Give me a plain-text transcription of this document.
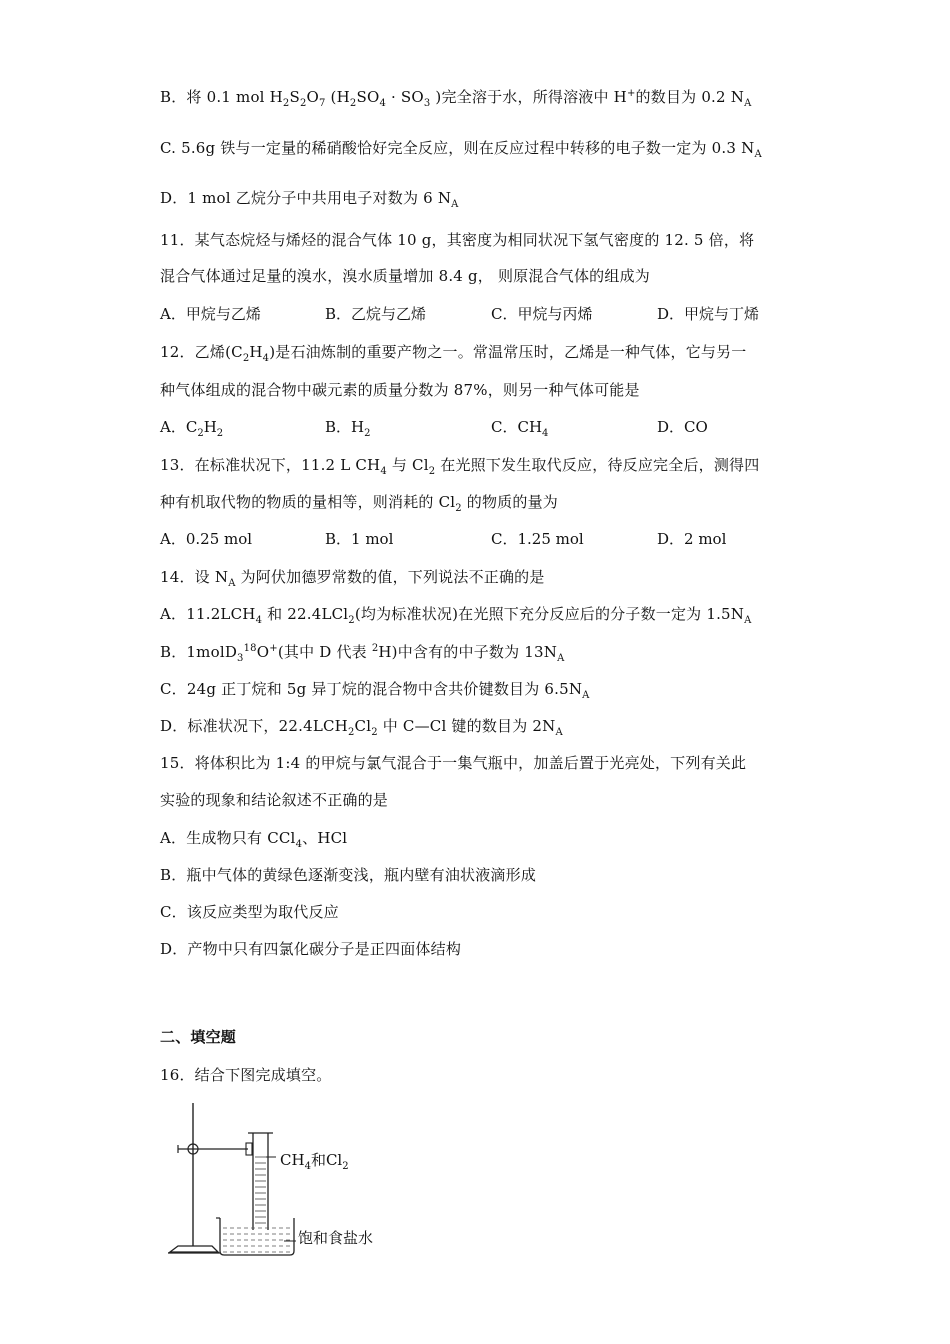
B．将 0.1 mol $H_2S_2O_7$ ($H_2SO_4 \cdot SO_3$ )完全溶于水，所得溶液中 H+的数目为 0.2 $N_A$
C. 5.6g 铁与一定量的稀硝酸恰好完全反应，则在反应过程中转移的电子数一定为 0.3 $N_A$
D．1 mol 乙烷分子中共用电子对数为 6 $N_A$
11．某气态烷烃与烯烃的混合气体 10 g，其密度为相同状况下氢气密度的 12. 5 倍，将
混合气体通过足量的溴水，溴水质量增加 8.4 g， 则原混合气体的组成为
A．甲烷与乙烯	B．乙烷与乙烯	C．甲烷与丙烯	D．甲烷与丁烯
12．乙烯$(C_2H_4)$是石油炼制的重要产物之一。常温常压时，乙烯是一种气体，它与另一
种气体组成的混合物中碳元素的质量分数为 87%，则另一种气体可能是
A．$C_2H_2$	B．$H_2$	C．$CH_4$	D．CO
13．在标准状况下，11.2 L $CH_4$ 与 $Cl_2$ 在光照下发生取代反应，待反应完全后，测得四
种有机取代物的物质的量相等，则消耗的 $Cl_2$ 的物质的量为
A．0.25 mol	B．1 mol	C．1.25 mol	D．2 mol
14．设 $N_A$ 为阿伏加德罗常数的值，下列说法不正确的是
A．$11.2LCH_4$ 和 22.4LCl$_2$(均为标准状况)在光照下充分反应后的分子数一定为 $1.5N_A$
B．1molD$_3^{18}$O+(其中 D 代表 $^2$H)中含有的中子数为 $13N_A$
C．24g 正丁烷和 5g 异丁烷的混合物中含共价键数目为 $6.5N_A$
D．标准状况下，$22.4LCH_2Cl_2$ 中 C—Cl 键的数目为 $2N_A$
15．将体积比为 1:4 的甲烷与氯气混合于一集气瓶中，加盖后置于光亮处，下列有关此
实验的现象和结论叙述不正确的是
A．生成物只有 CCl$_4$、HCl
B．瓶中气体的黄绿色逐渐变浅，瓶内壁有油状液滴形成
C．该反应类型为取代反应
D．产物中只有四氯化碳分子是正四面体结构
二、填空题
16．结合下图完成填空。
$CH_4$和$Cl_2$
饱和食盐水
